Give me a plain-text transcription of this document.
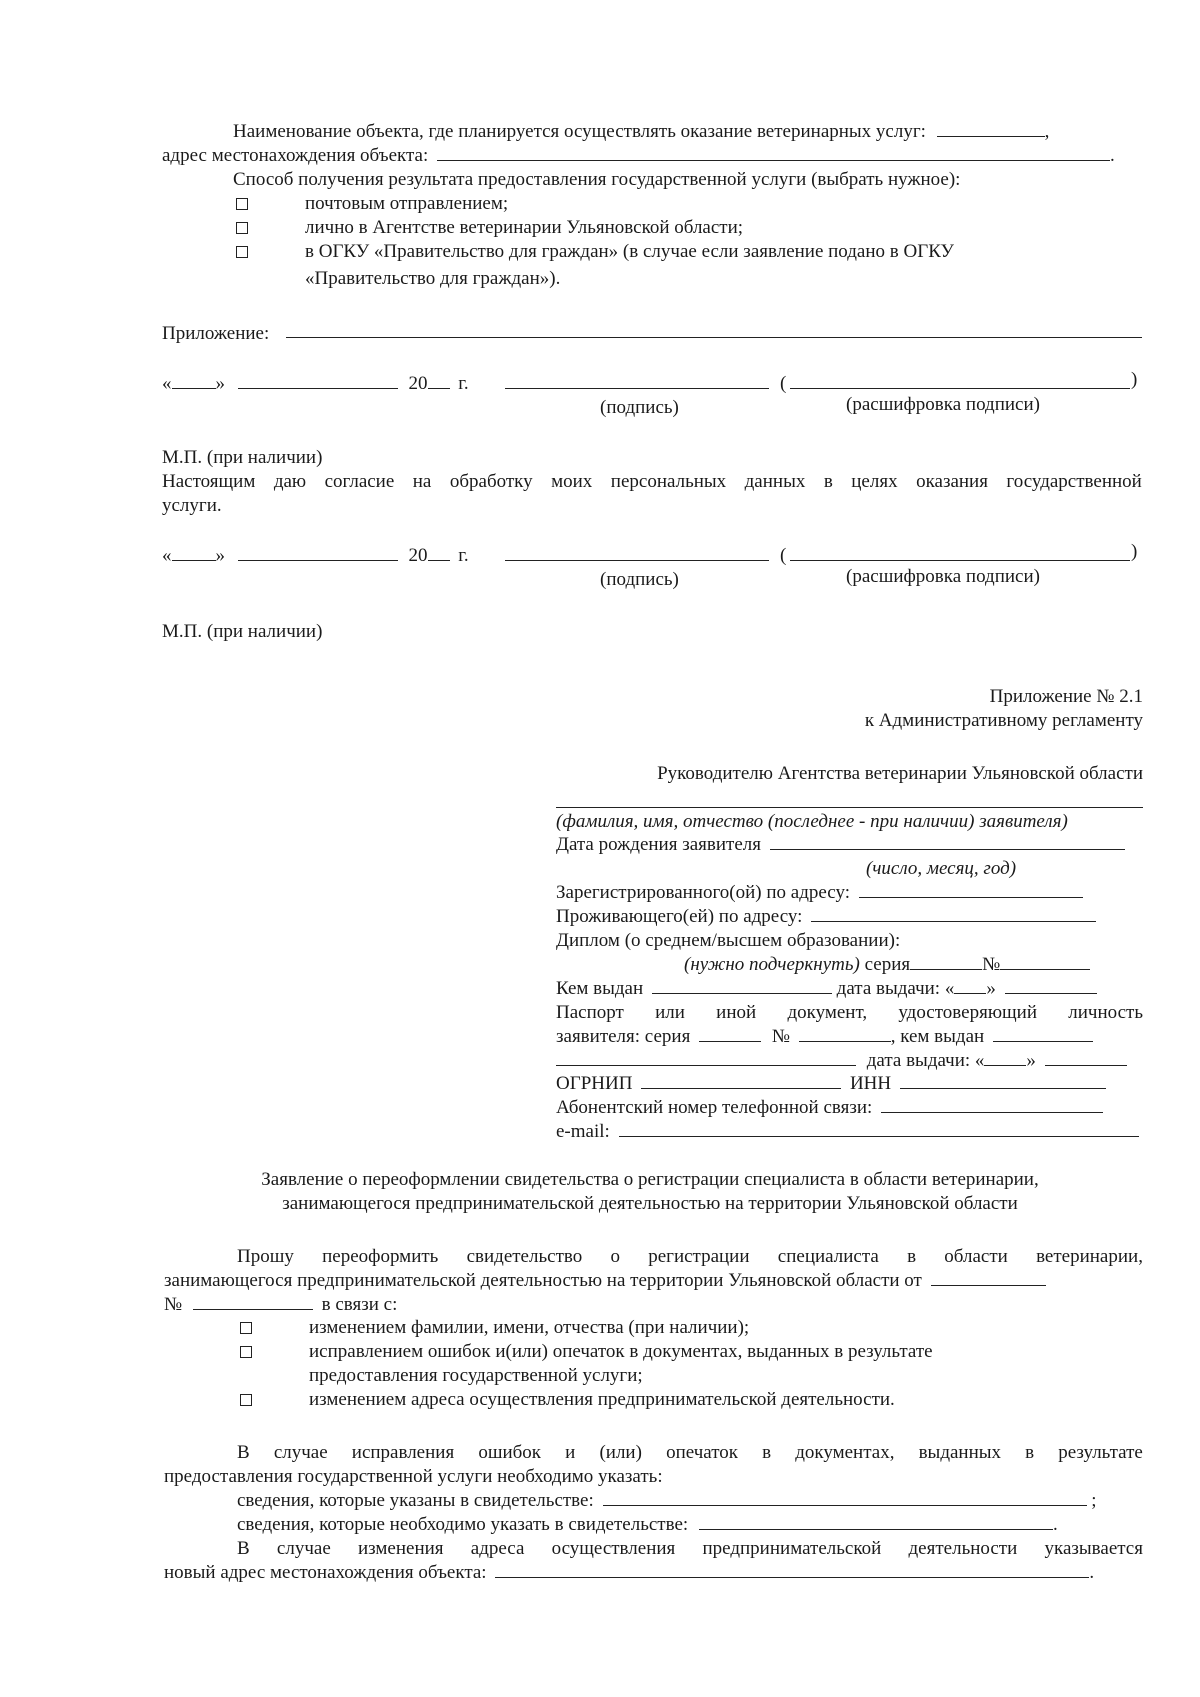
Наименование объекта, где планируется осуществлять оказание ветеринарных услуг:	,
адрес местонахождения объекта:	.
Способ получения результата предоставления государственной услуги (выбрать нужное):
почтовым отправлением;
лично в Агентстве ветеринарии Ульяновской области;
в ОГКУ «Правительство для граждан» (в случае если заявление подано в ОГКУ
«Правительство для граждан»).
Приложение:
« »	20 г.	(	)
(подпись)	(расшифровка подписи)
М.П. (при наличии)
Настоящим даю согласие на обработку моих персональных данных в целях оказания государственной
услуги.
« »	20 г.	(	)
(подпись)	(расшифровка подписи)
М.П. (при наличии)
Приложение № 2.1
к Административному регламенту
Руководителю Агентства ветеринарии Ульяновской области
(фамилия, имя, отчество (последнее - при наличии) заявителя)
Дата рождения заявителя
(число, месяц, год)
Зарегистрированного(ой) по адресу:
Проживающего(ей) по адресу:
Диплом (о среднем/высшем образовании):
(нужно подчеркнуть) серия	№
Кем выдан	дата выдачи: « »
Паспорт или иной документ, удостоверяющий личность
заявителя: серия	№	, кем выдан
дата выдачи: « »
ОГРНИП	ИНН
Абонентский номер телефонной связи:
e-mail:
Заявление о переоформлении свидетельства о регистрации специалиста в области ветеринарии,
занимающегося предпринимательской деятельностью на территории Ульяновской области
Прошу переоформить свидетельство о регистрации специалиста в области ветеринарии,
занимающегося предпринимательской деятельностью на территории Ульяновской области от
№	в связи с:
изменением фамилии, имени, отчества (при наличии);
исправлением ошибок и(или) опечаток в документах, выданных в результате
предоставления государственной услуги;
изменением адреса осуществления предпринимательской деятельности.
В случае исправления ошибок и (или) опечаток в документах, выданных в результате
предоставления государственной услуги необходимо указать:
сведения, которые указаны в свидетельстве:	;
сведения, которые необходимо указать в свидетельстве:	.
В случае изменения адреса осуществления предпринимательской деятельности указывается
новый адрес местонахождения объекта:	.
